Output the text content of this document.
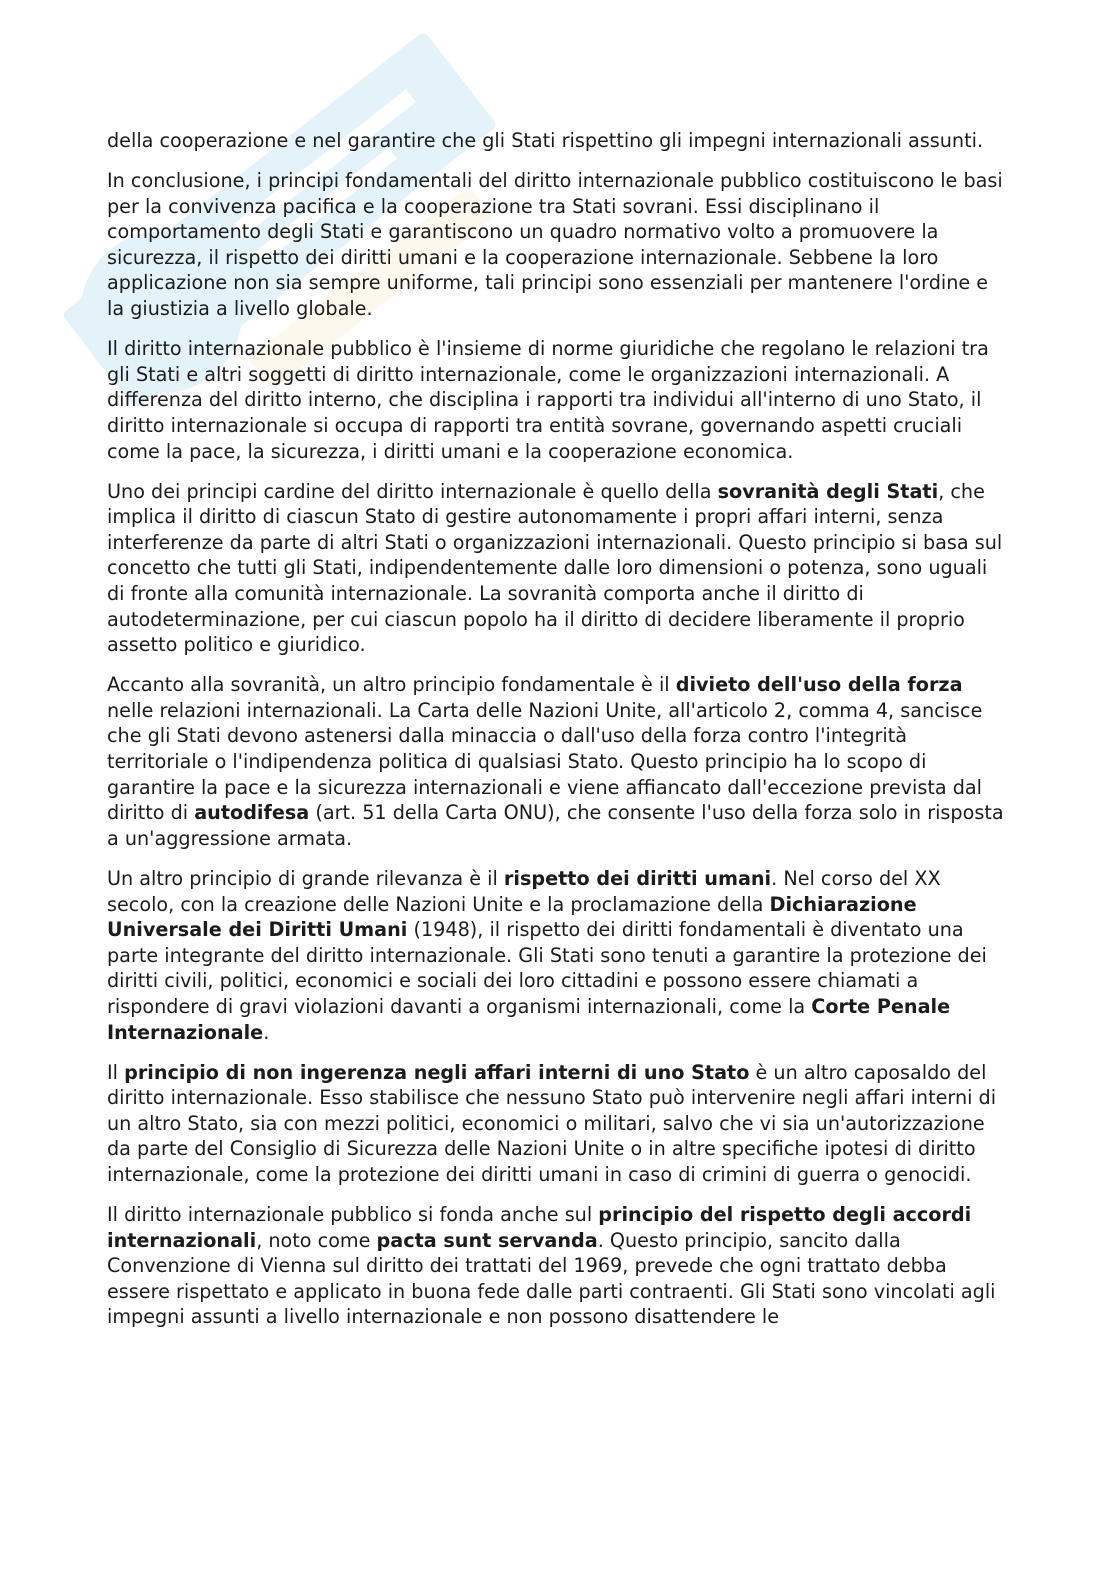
della cooperazione e nel garantire che gli Stati rispettino gli impegni internazionali assunti.

In conclusione, i principi fondamentali del diritto internazionale pubblico costituiscono le basi per la convivenza pacifica e la cooperazione tra Stati sovrani. Essi disciplinano il comportamento degli Stati e garantiscono un quadro normativo volto a promuovere la sicurezza, il rispetto dei diritti umani e la cooperazione internazionale. Sebbene la loro applicazione non sia sempre uniforme, tali principi sono essenziali per mantenere l'ordine e la giustizia a livello globale.

Il diritto internazionale pubblico è l'insieme di norme giuridiche che regolano le relazioni tra gli Stati e altri soggetti di diritto internazionale, come le organizzazioni internazionali. A differenza del diritto interno, che disciplina i rapporti tra individui all'interno di uno Stato, il diritto internazionale si occupa di rapporti tra entità sovrane, governando aspetti cruciali come la pace, la sicurezza, i diritti umani e la cooperazione economica.

Uno dei principi cardine del diritto internazionale è quello della sovranità degli Stati, che implica il diritto di ciascun Stato di gestire autonomamente i propri affari interni, senza interferenze da parte di altri Stati o organizzazioni internazionali. Questo principio si basa sul concetto che tutti gli Stati, indipendentemente dalle loro dimensioni o potenza, sono uguali di fronte alla comunità internazionale. La sovranità comporta anche il diritto di autodeterminazione, per cui ciascun popolo ha il diritto di decidere liberamente il proprio assetto politico e giuridico.

Accanto alla sovranità, un altro principio fondamentale è il divieto dell'uso della forza nelle relazioni internazionali. La Carta delle Nazioni Unite, all'articolo 2, comma 4, sancisce che gli Stati devono astenersi dalla minaccia o dall'uso della forza contro l'integrità territoriale o l'indipendenza politica di qualsiasi Stato. Questo principio ha lo scopo di garantire la pace e la sicurezza internazionali e viene affiancato dall'eccezione prevista dal diritto di autodifesa (art. 51 della Carta ONU), che consente l'uso della forza solo in risposta a un'aggressione armata.

Un altro principio di grande rilevanza è il rispetto dei diritti umani. Nel corso del XX secolo, con la creazione delle Nazioni Unite e la proclamazione della Dichiarazione Universale dei Diritti Umani (1948), il rispetto dei diritti fondamentali è diventato una parte integrante del diritto internazionale. Gli Stati sono tenuti a garantire la protezione dei diritti civili, politici, economici e sociali dei loro cittadini e possono essere chiamati a rispondere di gravi violazioni davanti a organismi internazionali, come la Corte Penale Internazionale.

Il principio di non ingerenza negli affari interni di uno Stato è un altro caposaldo del diritto internazionale. Esso stabilisce che nessuno Stato può intervenire negli affari interni di un altro Stato, sia con mezzi politici, economici o militari, salvo che vi sia un'autorizzazione da parte del Consiglio di Sicurezza delle Nazioni Unite o in altre specifiche ipotesi di diritto internazionale, come la protezione dei diritti umani in caso di crimini di guerra o genocidi.

Il diritto internazionale pubblico si fonda anche sul principio del rispetto degli accordi internazionali, noto come pacta sunt servanda. Questo principio, sancito dalla Convenzione di Vienna sul diritto dei trattati del 1969, prevede che ogni trattato debba essere rispettato e applicato in buona fede dalle parti contraenti. Gli Stati sono vincolati agli impegni assunti a livello internazionale e non possono disattendere le
